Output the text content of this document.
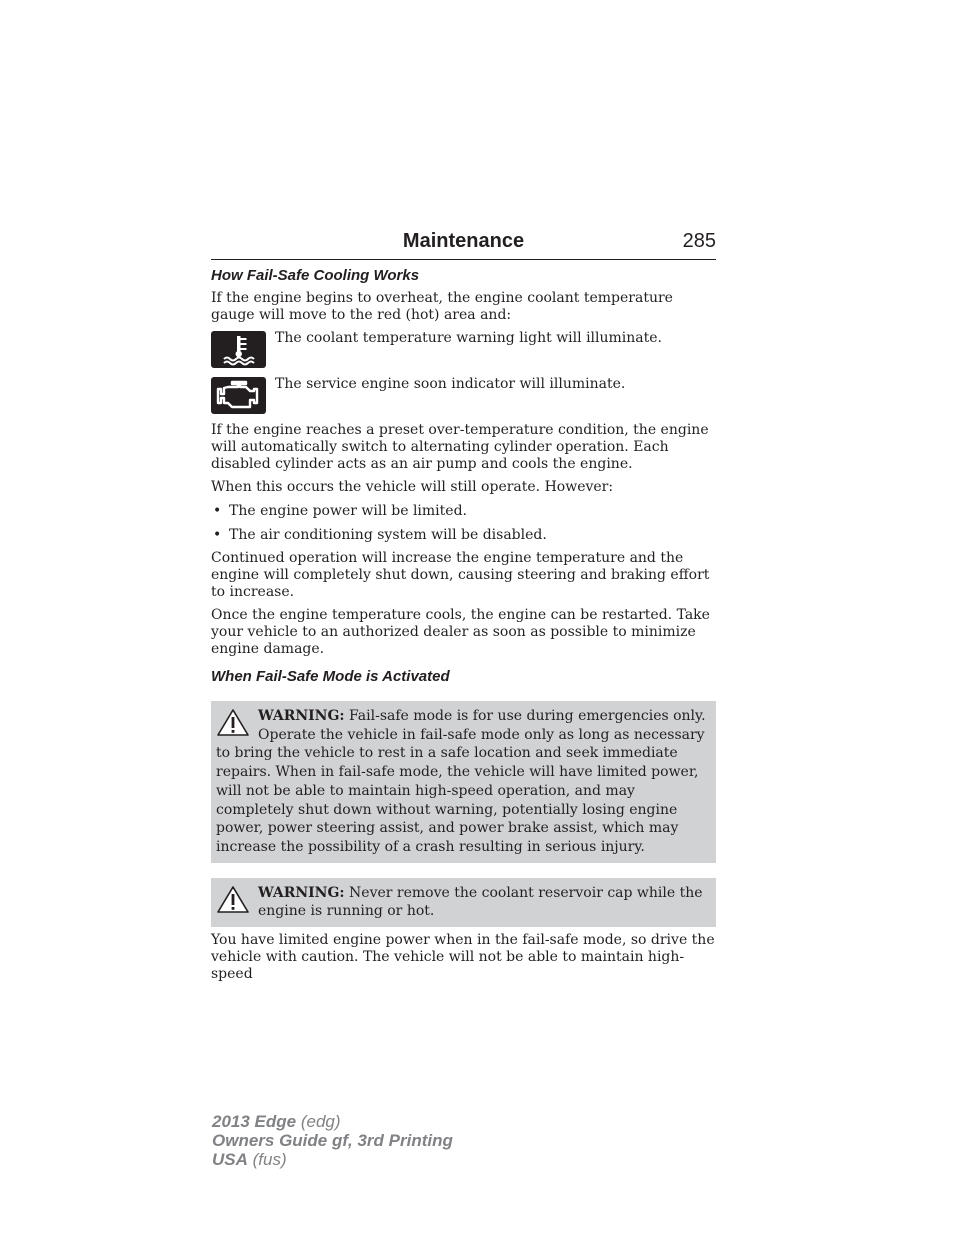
Maintenance	285
How Fail-Safe Cooling Works

If the engine begins to overheat, the engine coolant temperature gauge will move to the red (hot) area and:

The coolant temperature warning light will illuminate.

The service engine soon indicator will illuminate.

If the engine reaches a preset over-temperature condition, the engine will automatically switch to alternating cylinder operation. Each disabled cylinder acts as an air pump and cools the engine.

When this occurs the vehicle will still operate. However:

• The engine power will be limited.
• The air conditioning system will be disabled.

Continued operation will increase the engine temperature and the engine will completely shut down, causing steering and braking effort to increase.

Once the engine temperature cools, the engine can be restarted. Take your vehicle to an authorized dealer as soon as possible to minimize engine damage.

When Fail-Safe Mode is Activated
WARNING: Fail-safe mode is for use during emergencies only. Operate the vehicle in fail-safe mode only as long as necessary to bring the vehicle to rest in a safe location and seek immediate repairs. When in fail-safe mode, the vehicle will have limited power, will not be able to maintain high-speed operation, and may completely shut down without warning, potentially losing engine power, power steering assist, and power brake assist, which may increase the possibility of a crash resulting in serious injury.
WARNING: Never remove the coolant reservoir cap while the engine is running or hot.

You have limited engine power when in the fail-safe mode, so drive the vehicle with caution. The vehicle will not be able to maintain high-speed

2013 Edge (edg)
Owners Guide gf, 3rd Printing
USA (fus)
